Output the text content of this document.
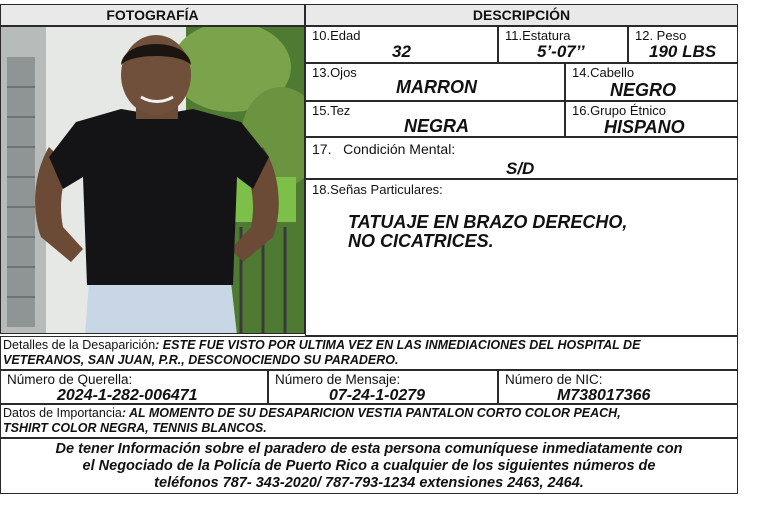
FOTOGRAFÍA	DESCRIPCIÓN
10.Edad
32
11.Estatura
5’-07’’
12. Peso
190 LBS
13.Ojos
MARRON
14.Cabello
NEGRO
15.Tez
NEGRA
16.Grupo Étnico
HISPANO
17.   Condición Mental:
S/D
18.Señas Particulares:
TATUAJE EN BRAZO DERECHO,
NO CICATRICES.
Detalles de la Desaparición: ESTE FUE VISTO POR ULTIMA VEZ EN LAS INMEDIACIONES DEL HOSPITAL DE
VETERANOS, SAN JUAN, P.R., DESCONOCIENDO SU PARADERO.
Número de Querella:
2024-1-282-006471
Número de Mensaje:
07-24-1-0279
Número de NIC:
M738017366
Datos de Importancia: AL MOMENTO DE SU DESAPARICION VESTIA PANTALON CORTO COLOR PEACH,
TSHIRT COLOR NEGRA, TENNIS BLANCOS.
De tener Información sobre el paradero de esta persona comuníquese inmediatamente con
el Negociado de la Policía de Puerto Rico a cualquier de los siguientes números de
teléfonos 787- 343-2020/ 787-793-1234 extensiones 2463, 2464.
